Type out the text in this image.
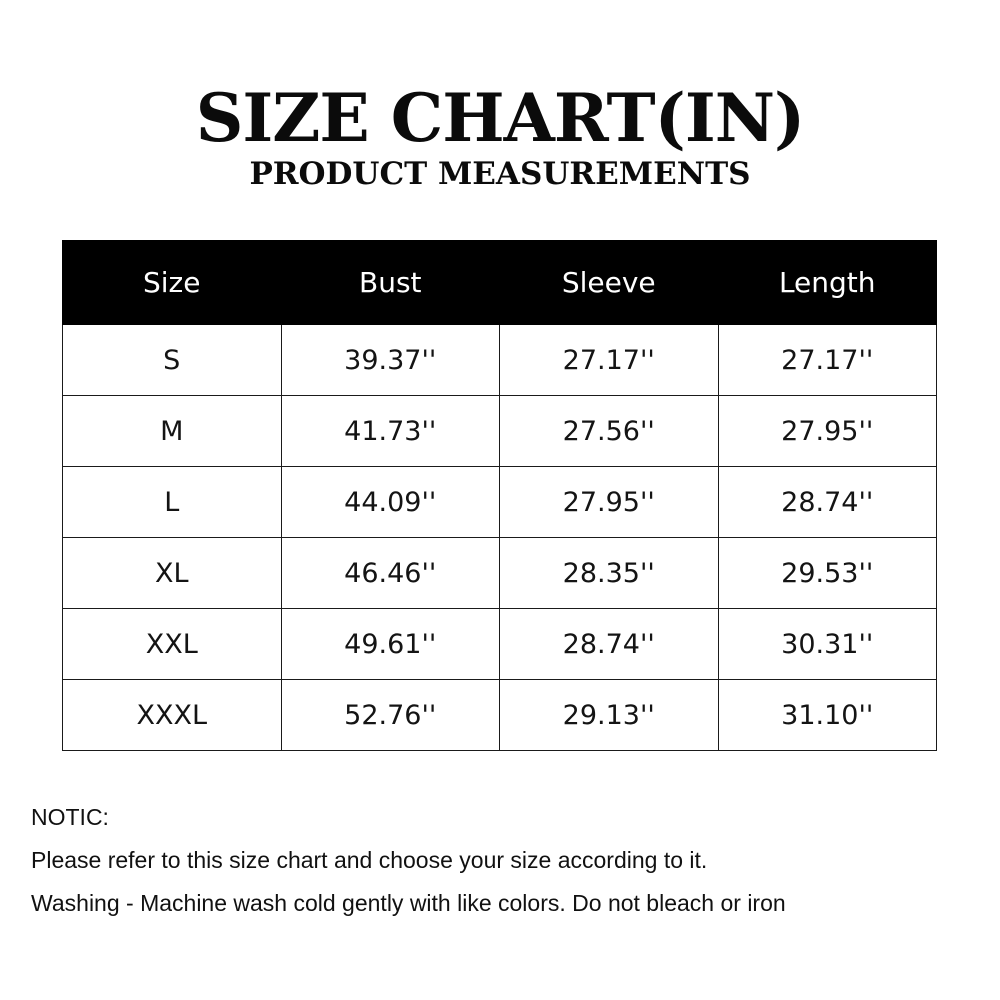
SIZE CHART(IN)
PRODUCT MEASUREMENTS
Size	Bust	Sleeve	Length
S	39.37''	27.17''	27.17''
M	41.73''	27.56''	27.95''
L	44.09''	27.95''	28.74''
XL	46.46''	28.35''	29.53''
XXL	49.61''	28.74''	30.31''
XXXL	52.76''	29.13''	31.10''

NOTIC:

Please refer to this size chart and choose your size according to it.

Washing - Machine wash cold gently with like colors. Do not bleach or iron
